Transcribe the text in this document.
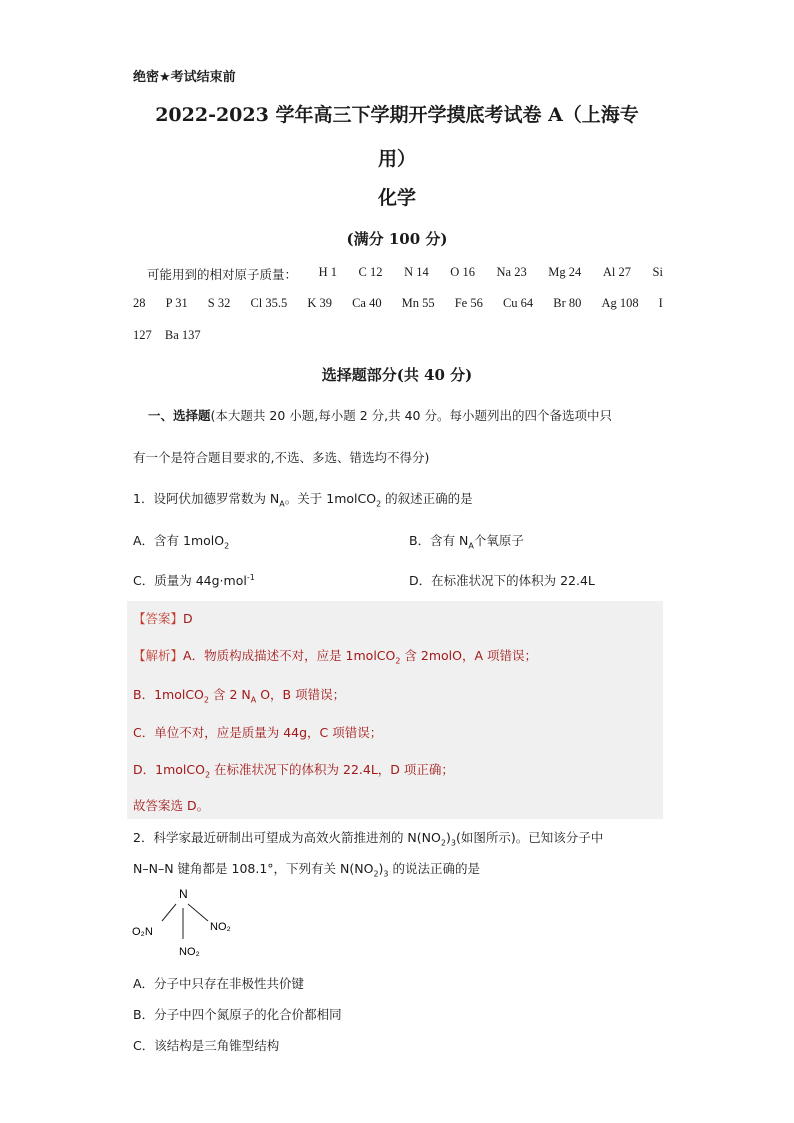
绝密★考试结束前
2022-2023 学年高三下学期开学摸底考试卷 A（上海专
用）
化学
(满分 100 分)
可能用到的相对原子质量： H 1 C 12 N 14 O 16 Na 23 Mg 24 Al 27 Si
28 P 31 S 32 Cl 35.5 K 39 Ca 40 Mn 55 Fe 56 Cu 64 Br 80 Ag 108 I
127 Ba 137
选择题部分(共 40 分)
一、选择题(本大题共 20 小题,每小题 2 分,共 40 分。每小题列出的四个备选项中只
有一个是符合题目要求的,不选、多选、错选均不得分)
1．设阿伏加德罗常数为 $N_A$。关于 1molCO$_2$ 的叙述正确的是
A．含有 1molO$_2$	B．含有 $N_A$个氧原子
C．质量为 44g·mol$^{-1}$	D．在标准状况下的体积为 22.4L
【答案】D
【解析】A．物质构成描述不对，应是 1molCO$_2$ 含 2molO，A 项错误；
B．1molCO$_2$ 含 2 $N_A$ O，B 项错误；
C．单位不对，应是质量为 44g，C 项错误；
D．1molCO$_2$ 在标准状况下的体积为 22.4L，D 项正确；
故答案选 D。
2．科学家最近研制出可望成为高效火箭推进剂的 $N(NO_2)_3$(如图所示)。已知该分子中
N–N–N 键角都是 108.1°，下列有关 $N(NO_2)_3$ 的说法正确的是
N
O₂N	NO₂
NO₂
A．分子中只存在非极性共价键
B．分子中四个氮原子的化合价都相同
C．该结构是三角锥型结构
